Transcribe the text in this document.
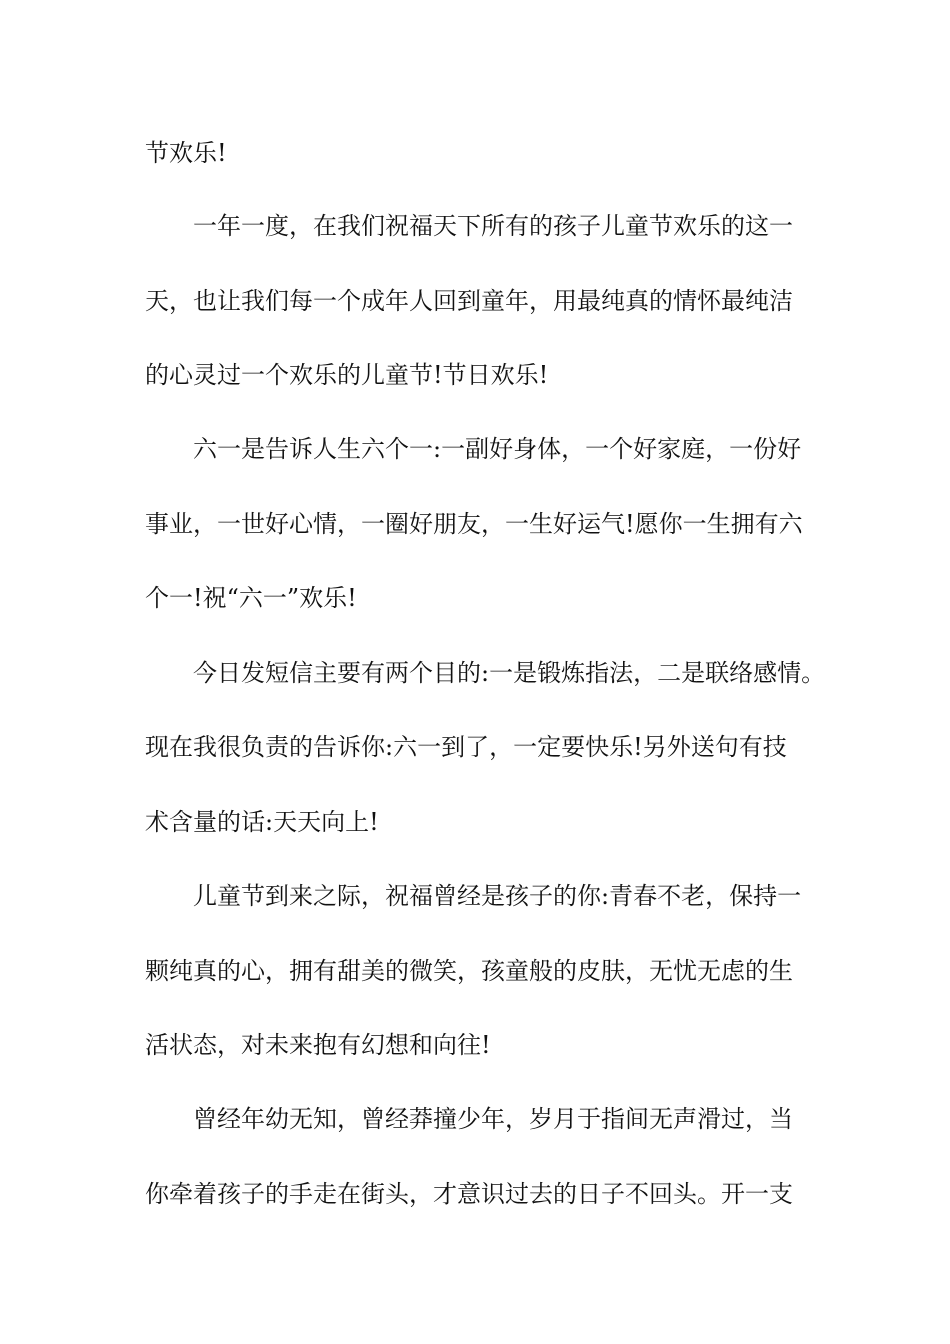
节欢乐!
一年一度，在我们祝福天下所有的孩子儿童节欢乐的这一
天，也让我们每一个成年人回到童年，用最纯真的情怀最纯洁
的心灵过一个欢乐的儿童节!节日欢乐!
六一是告诉人生六个一:一副好身体，一个好家庭，一份好
事业，一世好心情，一圈好朋友，一生好运气!愿你一生拥有六
个一!祝“六一”欢乐!
今日发短信主要有两个目的:一是锻炼指法，二是联络感情。
现在我很负责的告诉你:六一到了，一定要快乐!另外送句有技
术含量的话:天天向上!
儿童节到来之际，祝福曾经是孩子的你:青春不老，保持一
颗纯真的心，拥有甜美的微笑，孩童般的皮肤，无忧无虑的生
活状态，对未来抱有幻想和向往!
曾经年幼无知，曾经莽撞少年，岁月于指间无声滑过，当
你牵着孩子的手走在街头，才意识过去的日子不回头。开一支
